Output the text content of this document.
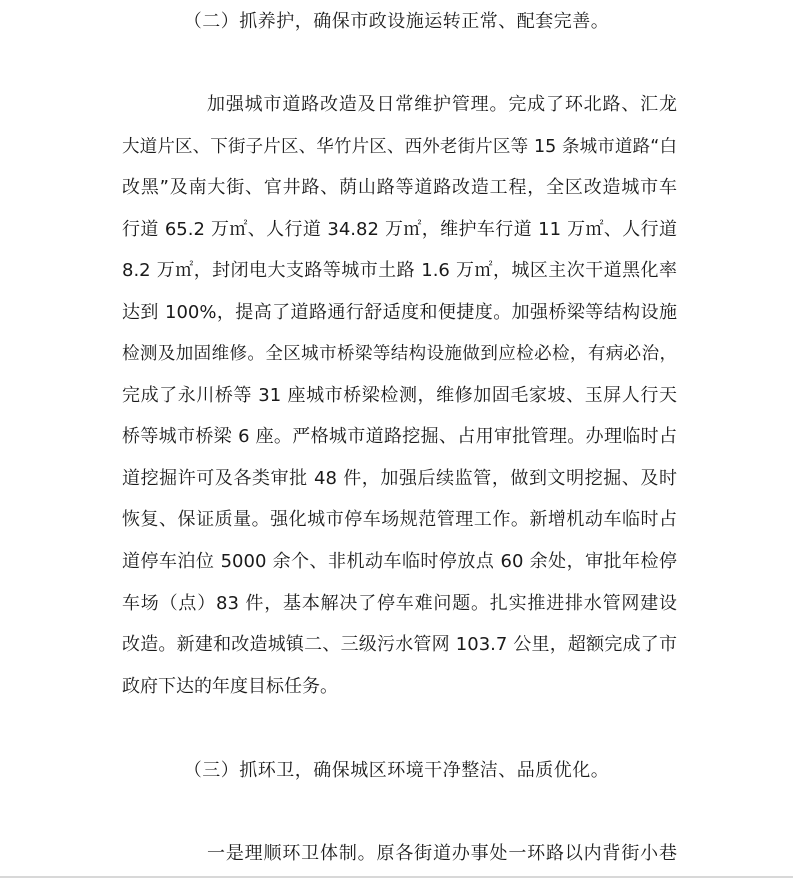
（二）抓养护，确保市政设施运转正常、配套完善。
加强城市道路改造及日常维护管理。完成了环北路、汇龙
大道片区、下街子片区、华竹片区、西外老街片区等 15 条城市道路“白
改黑”及南大街、官井路、荫山路等道路改造工程，全区改造城市车
行道 65.2 万㎡、人行道 34.82 万㎡，维护车行道 11 万㎡、人行道
8.2 万㎡，封闭电大支路等城市土路 1.6 万㎡，城区主次干道黑化率
达到 100%，提高了道路通行舒适度和便捷度。加强桥梁等结构设施
检测及加固维修。全区城市桥梁等结构设施做到应检必检，有病必治，
完成了永川桥等 31 座城市桥梁检测，维修加固毛家坡、玉屏人行天
桥等城市桥梁 6 座。严格城市道路挖掘、占用审批管理。办理临时占
道挖掘许可及各类审批 48 件，加强后续监管，做到文明挖掘、及时
恢复、保证质量。强化城市停车场规范管理工作。新增机动车临时占
道停车泊位 5000 余个、非机动车临时停放点 60 余处，审批年检停
车场（点）83 件，基本解决了停车难问题。扎实推进排水管网建设
改造。新建和改造城镇二、三级污水管网 103.7 公里，超额完成了市
政府下达的年度目标任务。
（三）抓环卫，确保城区环境干净整洁、品质优化。
一是理顺环卫体制。原各街道办事处一环路以内背街小巷
